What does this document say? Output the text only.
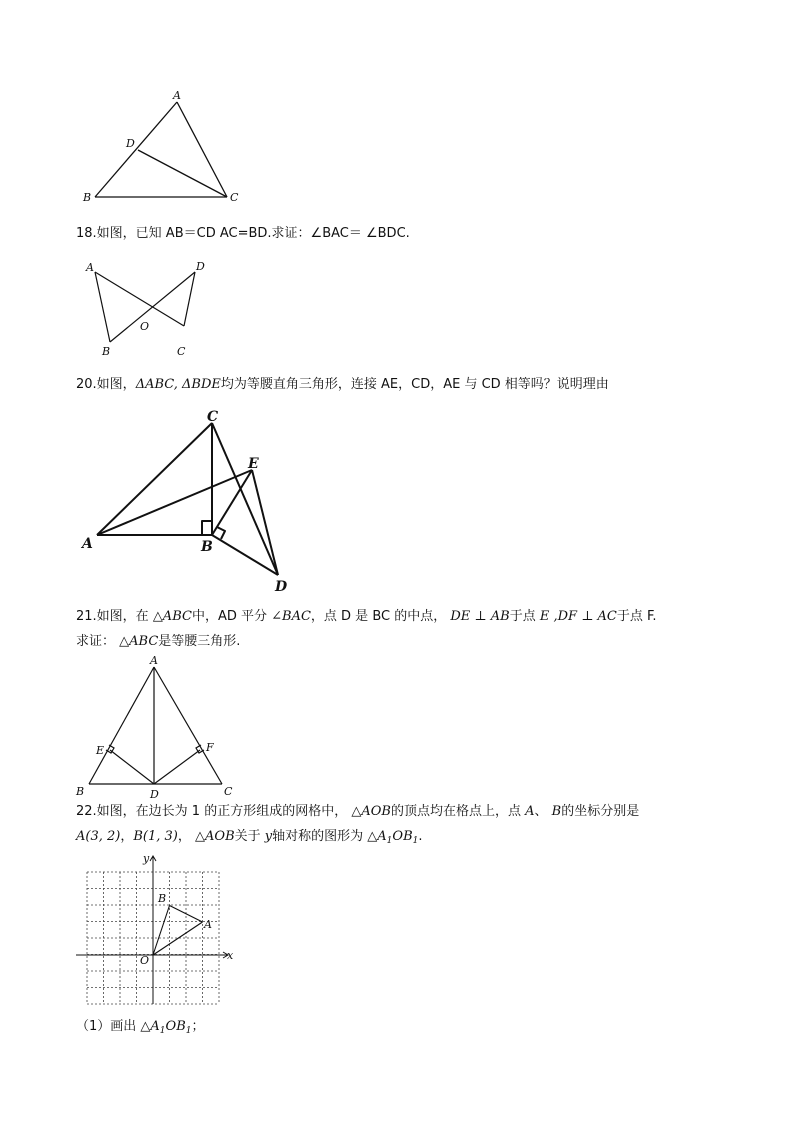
A
D
B	C
18.如图，已知 AB＝CD AC=BD.求证：∠BAC＝ ∠BDC.
A	D
O
B	C
20.如图，ΔABC, ΔBDE均为等腰直角三角形，连接 AE，CD，AE 与 CD 相等吗？说明理由
C
E
A	B
D
21.如图，在 △ABC中，AD 平分 ∠BAC，点 D 是 BC 的中点， DE ⊥ AB于点 E ,DF ⊥ AC于点 F.
求证： △ABC是等腰三角形.
A
E	F
B	D	C
22.如图，在边长为 1 的正方形组成的网格中， △AOB的顶点均在格点上，点 A、 B的坐标分别是
A(3, 2)，B(1, 3)， △AOB关于 y轴对称的图形为 $\triangle A_1OB_1$.
y
x
O
B
A
（1）画出 $\triangle A_1OB_1$；
